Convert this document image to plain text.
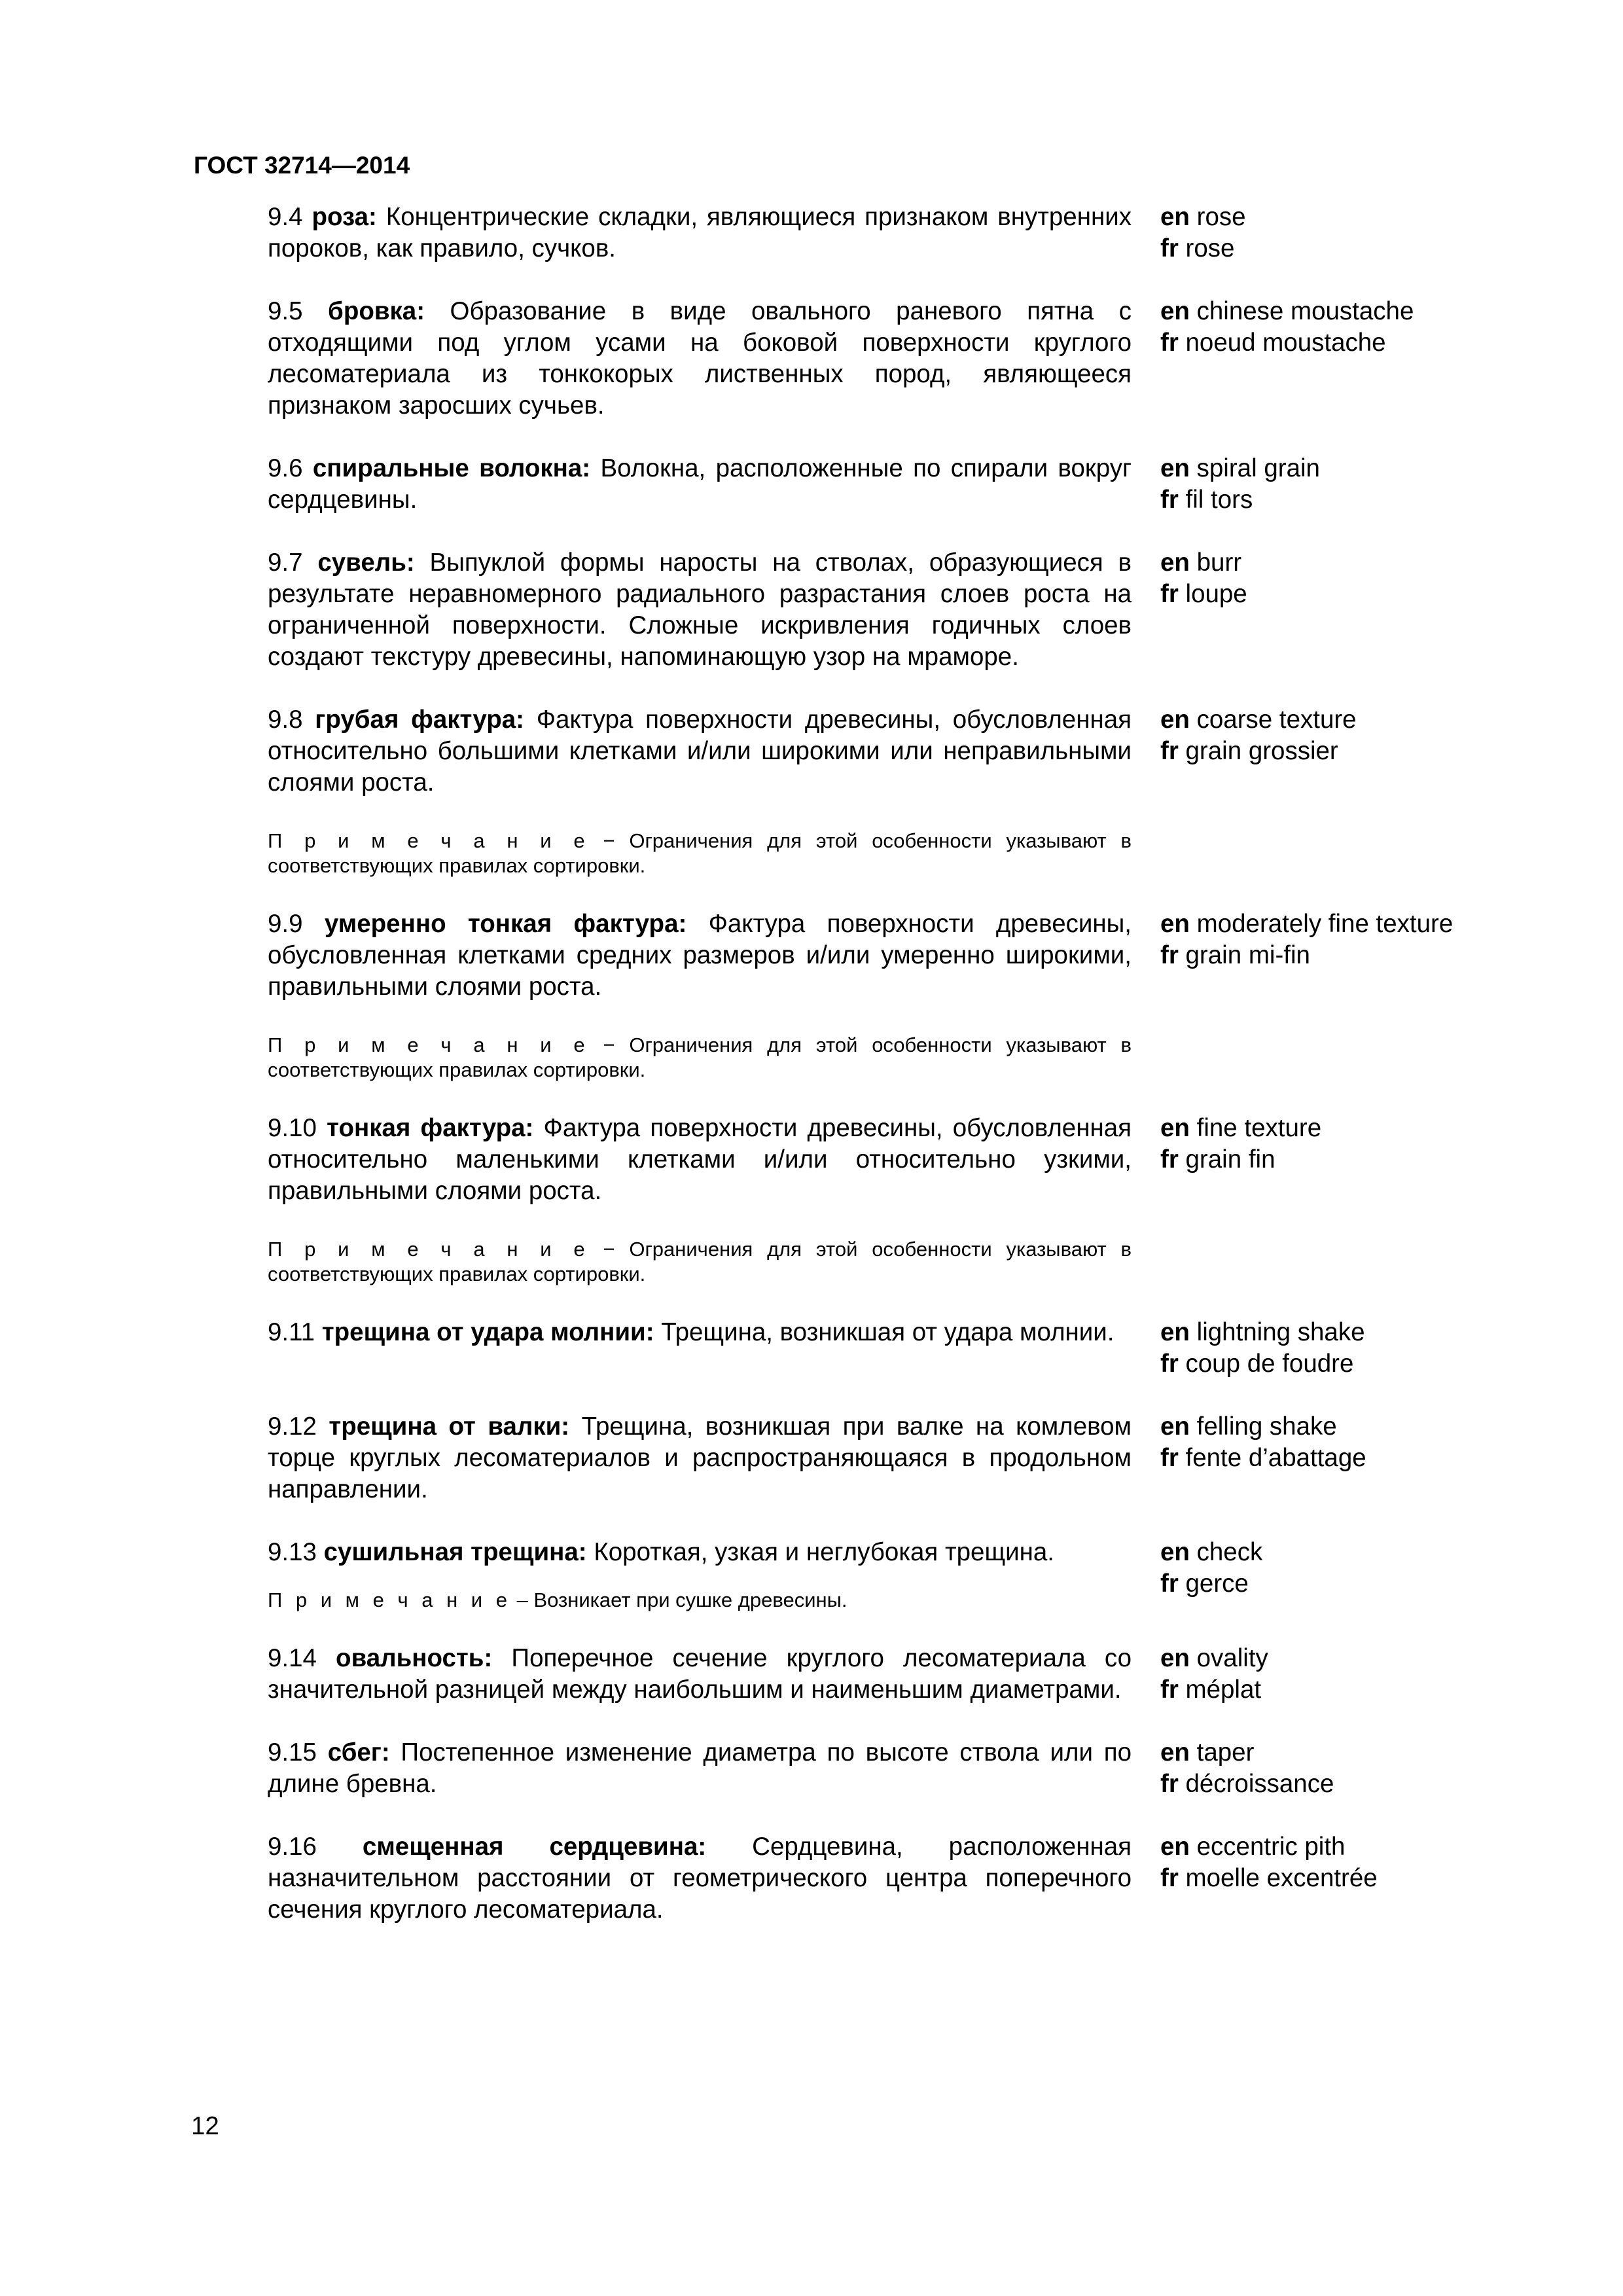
ГОСТ 32714—2014
9.4 роза: Концентрические складки, являющиеся признаком внутренних пороков, как правило, сучков.
en rose
fr rose
9.5 бровка: Образование в виде овального раневого пятна с отходящими под углом усами на боковой поверхности круглого лесоматериала из тонкокорых лиственных пород, являющееся признаком заросших сучьев.
en chinese moustache
fr noeud moustache
9.6 спиральные волокна: Волокна, расположенные по спирали вокруг сердцевины.
en spiral grain
fr fil tors
9.7 сувель: Выпуклой формы наросты на стволах, образующиеся в результате неравномерного радиального разрастания слоев роста на ограниченной поверхности. Сложные искривления годичных слоев создают текстуру древесины, напоминающую узор на мраморе.
en burr
fr loupe
9.8 грубая фактура: Фактура поверхности древесины, обусловленная относительно большими клетками и/или широкими или неправильными слоями роста.
en coarse texture
fr grain grossier
П р и м е ч а н и е − Ограничения для этой особенности указывают в соответствующих правилах сортировки.
9.9 умеренно тонкая фактура: Фактура поверхности древесины, обусловленная клетками средних размеров и/или умеренно широкими, правильными слоями роста.
en moderately fine texture
fr grain mi-fin
П р и м е ч а н и е − Ограничения для этой особенности указывают в соответствующих правилах сортировки.
9.10 тонкая фактура: Фактура поверхности древесины, обусловленная относительно маленькими клетками и/или относительно узкими, правильными слоями роста.
en fine texture
fr grain fin
П р и м е ч а н и е − Ограничения для этой особенности указывают в соответствующих правилах сортировки.
9.11 трещина от удара молнии: Трещина, возникшая от удара молнии.	en lightning shake
fr coup de foudre
9.12 трещина от валки: Трещина, возникшая при валке на комлевом торце круглых лесоматериалов и распространяющаяся в продольном направлении.
en felling shake
fr fente d’abattage
9.13 сушильная трещина: Короткая, узкая и неглубокая трещина.	en check
fr gerce
П р и м е ч а н и е – Возникает при сушке древесины.
9.14 овальность: Поперечное сечение круглого лесоматериала со значительной разницей между наибольшим и наименьшим диаметрами.
en ovality
fr méplat
9.15 сбег: Постепенное изменение диаметра по высоте ствола или по длине бревна.
en taper
fr décroissance
9.16 смещенная сердцевина: Сердцевина, расположенная назначительном расстоянии от геометрического центра поперечного сечения круглого лесоматериала.
en eccentric pith
fr moelle excentrée
12
